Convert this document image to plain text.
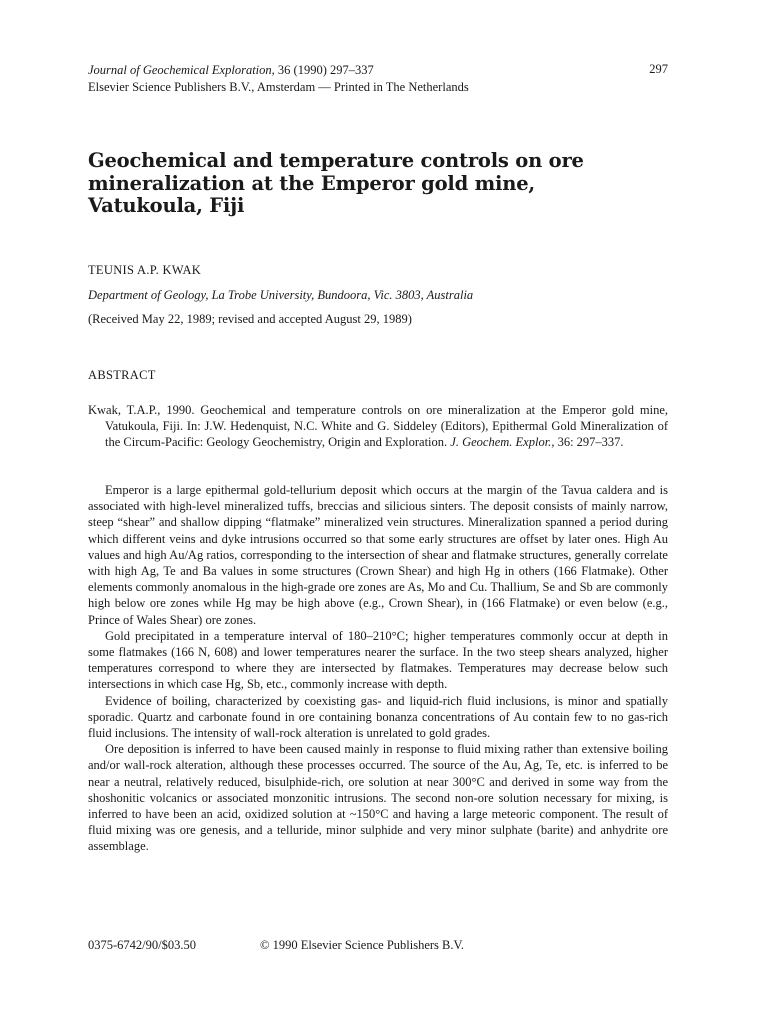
Journal of Geochemical Exploration, 36 (1990) 297–337	297
Elsevier Science Publishers B.V., Amsterdam — Printed in The Netherlands
Geochemical and temperature controls on ore mineralization at the Emperor gold mine, Vatukoula, Fiji
TEUNIS A.P. KWAK
Department of Geology, La Trobe University, Bundoora, Vic. 3803, Australia
(Received May 22, 1989; revised and accepted August 29, 1989)
ABSTRACT

Kwak, T.A.P., 1990. Geochemical and temperature controls on ore mineralization at the Emperor gold mine, Vatukoula, Fiji. In: J.W. Hedenquist, N.C. White and G. Siddeley (Editors), Epithermal Gold Mineralization of the Circum-Pacific: Geology Geochemistry, Origin and Exploration. J. Geochem. Explor., 36: 297–337.

Emperor is a large epithermal gold-tellurium deposit which occurs at the margin of the Tavua caldera and is associated with high-level mineralized tuffs, breccias and silicious sinters. The deposit consists of mainly narrow, steep “shear” and shallow dipping “flatmake” mineralized vein structures. Mineralization spanned a period during which different veins and dyke intrusions occurred so that some early structures are offset by later ones. High Au values and high Au/Ag ratios, corresponding to the intersection of shear and flatmake structures, generally correlate with high Ag, Te and Ba values in some structures (Crown Shear) and high Hg in others (166 Flatmake). Other elements commonly anomalous in the high-grade ore zones are As, Mo and Cu. Thallium, Se and Sb are commonly high below ore zones while Hg may be high above (e.g., Crown Shear), in (166 Flatmake) or even below (e.g., Prince of Wales Shear) ore zones.

Gold precipitated in a temperature interval of 180–210°C; higher temperatures commonly occur at depth in some flatmakes (166 N, 608) and lower temperatures nearer the surface. In the two steep shears analyzed, higher temperatures correspond to where they are intersected by flatmakes. Temperatures may decrease below such intersections in which case Hg, Sb, etc., commonly increase with depth.

Evidence of boiling, characterized by coexisting gas- and liquid-rich fluid inclusions, is minor and spatially sporadic. Quartz and carbonate found in ore containing bonanza concentrations of Au contain few to no gas-rich fluid inclusions. The intensity of wall-rock alteration is unrelated to gold grades.

Ore deposition is inferred to have been caused mainly in response to fluid mixing rather than extensive boiling and/or wall-rock alteration, although these processes occurred. The source of the Au, Ag, Te, etc. is inferred to be near a neutral, relatively reduced, bisulphide-rich, ore solution at near 300°C and derived in some way from the shoshonitic volcanics or associated monzonitic intrusions. The second non-ore solution necessary for mixing, is inferred to have been an acid, oxidized solution at ~150°C and having a large meteoric component. The result of fluid mixing was ore genesis, and a telluride, minor sulphide and very minor sulphate (barite) and anhydrite ore assemblage.

0375-6742/90/$03.50	© 1990 Elsevier Science Publishers B.V.
